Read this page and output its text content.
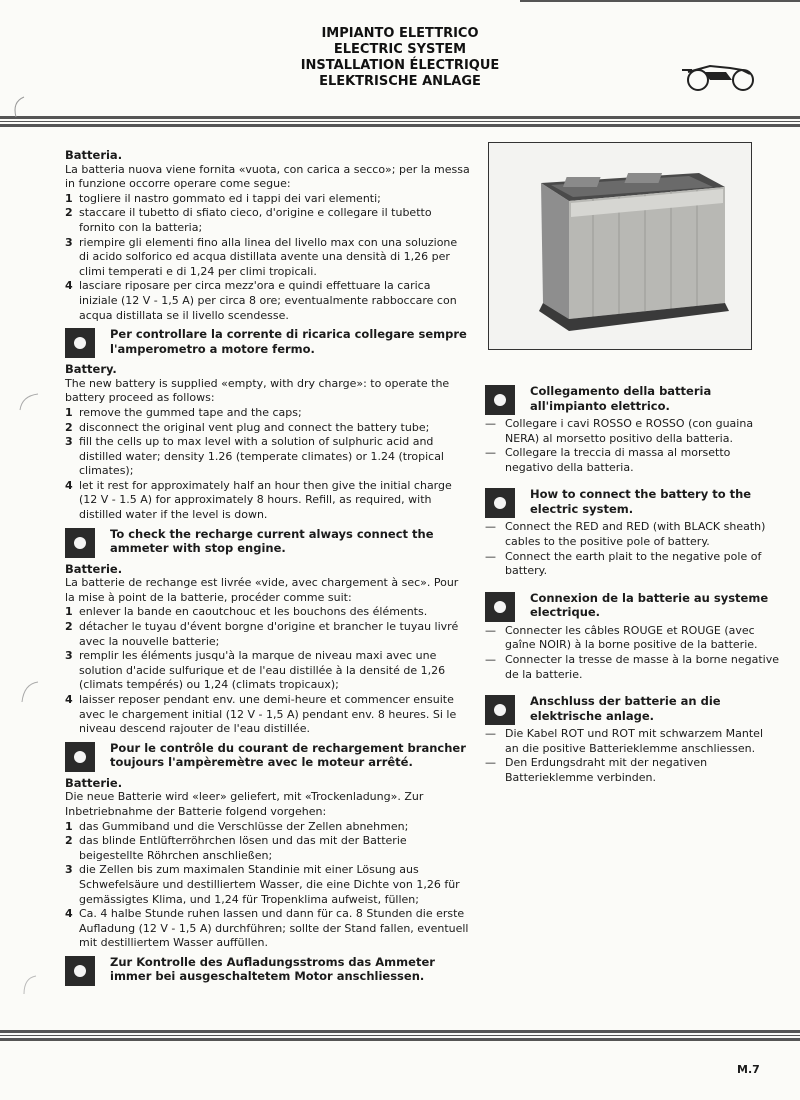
IMPIANTO ELETTRICO
ELECTRIC SYSTEM
INSTALLATION ÉLECTRIQUE
ELEKTRISCHE ANLAGE
Batteria.

La batteria nuova viene fornita «vuota, con carica a secco»; per la messa in funzione occorre operare come segue:

1 togliere il nastro gommato ed i tappi dei vari elementi;
2 staccare il tubetto di sfiato cieco, d'origine e collegare il tubetto fornito con la batteria;
3 riempire gli elementi fino alla linea del livello max con una soluzione di acido solforico ed acqua distillata avente una densità di 1,26 per climi temperati e di 1,24 per climi tropicali.
4 lasciare riposare per circa mezz'ora e quindi effettuare la carica iniziale (12 V - 1,5 A) per circa 8 ore; eventualmente rabboccare con acqua distillata se il livello scendesse.
Per controllare la corrente di ricarica collegare sempre l'amperometro a motore fermo.
Battery.

The new battery is supplied «empty, with dry charge»: to operate the battery proceed as follows:

1 remove the gummed tape and the caps;
2 disconnect the original vent plug and connect the battery tube;
3 fill the cells up to max level with a solution of sulphuric acid and distilled water; density 1.26 (temperate climates) or 1.24 (tropical climates);
4 let it rest for approximately half an hour then give the initial charge (12 V - 1.5 A) for approximately 8 hours. Refill, as required, with distilled water if the level is down.
To check the recharge current always connect the ammeter with stop engine.
Batterie.

La batterie de rechange est livrée «vide, avec chargement à sec». Pour la mise à point de la batterie, procéder comme suit:

1 enlever la bande en caoutchouc et les bouchons des éléments.
2 détacher le tuyau d'évent borgne d'origine et brancher le tuyau livré avec la nouvelle batterie;
3 remplir les éléments jusqu'à la marque de niveau maxi avec une solution d'acide sulfurique et de l'eau distillée à la densité de 1,26 (climats tempérés) ou 1,24 (climats tropicaux);
4 laisser reposer pendant env. une demi-heure et commencer ensuite avec le chargement initial (12 V - 1,5 A) pendant env. 8 heures. Si le niveau descend rajouter de l'eau distillée.
Pour le contrôle du courant de rechargement brancher toujours l'ampèremètre avec le moteur arrêté.
Batterie.

Die neue Batterie wird «leer» geliefert, mit «Trockenladung». Zur Inbetriebnahme der Batterie folgend vorgehen:

1 das Gummiband und die Verschlüsse der Zellen abnehmen;
2 das blinde Entlüfterröhrchen lösen und das mit der Batterie beigestellte Röhrchen anschließen;
3 die Zellen bis zum maximalen Standinie mit einer Lösung aus Schwefelsäure und destilliertem Wasser, die eine Dichte von 1,26 für gemässigtes Klima, und 1,24 für Tropenklima aufweist, füllen;
4 Ca. 4 halbe Stunde ruhen lassen und dann für ca. 8 Stunden die erste Aufladung (12 V - 1,5 A) durchführen; sollte der Stand fallen, eventuell mit destilliertem Wasser auffüllen.
Zur Kontrolle des Aufladungsstroms das Ammeter immer bei ausgeschaltetem Motor anschliessen.
Collegamento della batteria all'impianto elettrico.
— Collegare i cavi ROSSO e ROSSO (con guaina NERA) al morsetto positivo della batteria.
— Collegare la treccia di massa al morsetto negativo della batteria.
How to connect the battery to the electric system.
— Connect the RED and RED (with BLACK sheath) cables to the positive pole of battery.
— Connect the earth plait to the negative pole of battery.
Connexion de la batterie au systeme electrique.
— Connecter les câbles ROUGE et ROUGE (avec gaîne NOIR) à la borne positive de la batterie.
— Connecter la tresse de masse à la borne negative de la batterie.
Anschluss der batterie an die elektrische anlage.
— Die Kabel ROT und ROT mit schwarzem Mantel an die positive Batterieklemme anschliessen.
— Den Erdungsdraht mit der negativen Batterieklemme verbinden.
M.7
